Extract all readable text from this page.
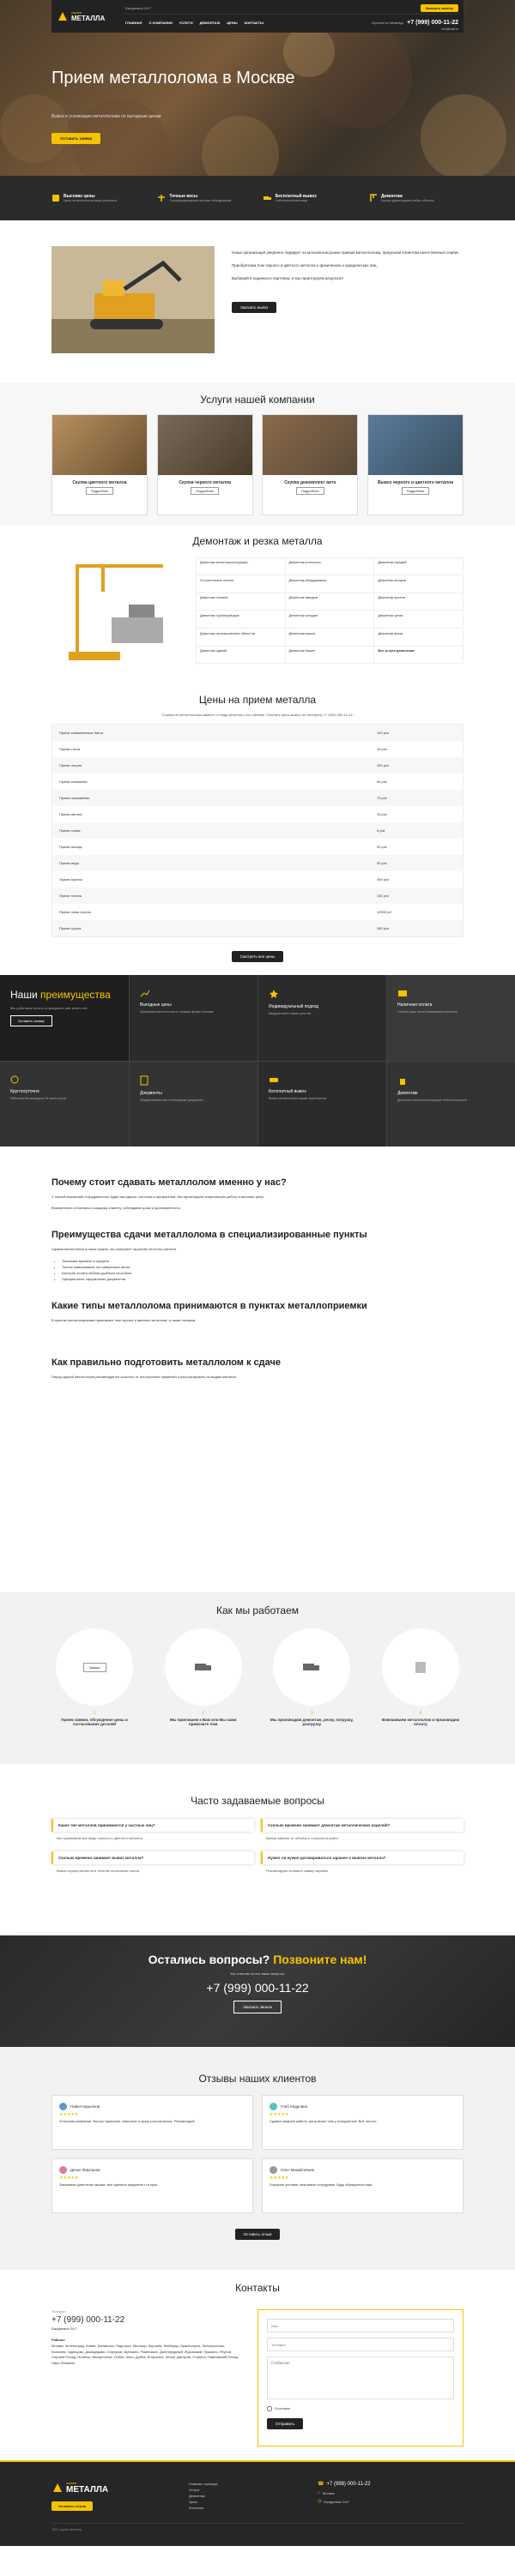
скупка
МЕТАЛЛА
Ежедневно 24/7	Заказать звонок
ГЛАВНАЯ О КОМПАНИИ УСЛУГИ ДЕМОНТАЖ ЦЕНЫ КОНТАКТЫ	Спросите по WhatsApp +7 (999) 000-11-22
info@mail.ru
Прием металлолома в Москве
Вывоз и утилизация металлолома по выгодным ценам
Оставить заявку
Высокие цены
Цены на металлолом выше рыночных
Точные весы
Сертифицированное весовое оборудование
Бесплатный вывоз
Собственный автопарк
Демонтаж
Быстро демонтируем любые объекты

Наша организация уверенно лидирует на московском рынке приема металлолома, предлагая клиентам качественный сервис.

Приобретаем лом черного и цветного металла у физических и юридических лиц.

Выбирайте надежного партнера, и мы гарантируем результат!

Заказать вывоз
Услуги нашей компании
Скупка цветного металла
Подробнее
Скупка черного металла
Подробнее
Скупка декомплект авто
Подробнее
Вывоз черного и цветного металла
Подробнее
Демонтаж и резка металла
Демонтаж металлоконструкций	Демонтаж котельных	Демонтаж гаражей
Отопительных систем	Демонтаж оборудования	Демонтаж ангаров
Демонтаж станков	Демонтаж заводов	Демонтаж мостов
Демонтаж трубопроводов	Демонтаж складов	Демонтаж цехов
Демонтаж промышленных объектов	Демонтаж вышек	Демонтаж ферм
Демонтаж зданий	Демонтаж башен	Все услуги демонтажа
Цены на прием металла

Стоимость металлолома зависит от вида металла и его объема. Уточнить цены можно по телефону +7 (999) 000-11-22.

Прием алюминиевых банок	100 р/кг
Прием стали	15 р/кг
Прием латуни	250 р/кг
Прием алюминия	50 р/кг
Прием нержавейки	75 р/кг
Прием магния	15 р/кг
Прием олова	5 р/кг
Прием свинца	50 р/кг
Прием меди	90 р/кг
Прием бронзы	450 р/кг
Прием титана	130 р/кг
Прием лома латуни	10000 р/т
Прием чугуна	280 р/кг
Смотреть все цены
Наши преимущества

Мы работаем честно и прозрачно уже много лет

Оставить заявку
Круглосуточно
Работаем без выходных 24 часа в сутки
Выгодные цены
Принимаем металлолом по лучшим ценам в Москве
Индивидуальный подход
Каждый клиент важен для нас
Наличная оплата
Оплата сразу после взвешивания металла
Документы
Предоставляем все необходимые документы
Бесплатный вывоз
Вывоз металлолома нашим транспортом
Демонтаж
Демонтаж металлоконструкций любой сложности
Почему стоит сдавать металлолом именно у нас?

С нашей компанией сотрудничество будет выгодным, честным и прозрачным. Мы гарантируем оперативную работу и высокие цены.

Внимательно относимся к каждому клиенту, соблюдаем сроки и договоренности.

Преимущества сдачи металлолома в специализированные пункты

Сдавая металлолом в наши пункты, вы получаете гарантию честного расчета.

• Экономия времени и средств
• Точное взвешивание на поверенных весах
• Быстрая оплата любым удобным способом
• Официальное оформление документов
Какие типы металлолома принимаются в пунктах металлоприемки

В пунктах металлоприемки принимают лом черных и цветных металлов, а также сплавов.

Как правильно подготовить металлолом к сдаче

Перед сдачей металлолом рекомендуется очистить от посторонних примесей и рассортировать по видам металла.

Как мы работаем
Заявка
1
Прием заявки, обсуждение цены и согласование деталей
2
Мы приезжаем к Вам или Вы сами привозите лом
3
Мы производим демонтаж, резку, погрузку, разгрузку
4
Взвешиваем металлолом и производим оплату
Часто задаваемые вопросы
Какие тип металлов принимаются у частных лиц?
Мы принимаем все виды черного и цветного металла.
Сколько времени занимает демонтаж металлических изделий?
Время зависит от объема и сложности работ.
Сколько времени занимает вывоз металла?
Вывоз осуществляется в течение нескольких часов.
Нужно ли нужно договариваться заранее о вывозе металла?
Рекомендуем оставить заявку заранее.
Остались вопросы? Позвоните нам!
Мы ответим на все ваши вопросы
+7 (999) 000-11-22
Заказать звонок
Отзывы наших клиентов
Павел Кирьянов
★★★★★
Отличная компания, быстро приехали, взвесили и сразу рассчитались. Рекомендую!
Глеб Кедровин
★★★★★
Сдавал медный кабель, цена выше чем у конкурентов. Всё честно.
Денис Фирсанов
★★★★★
Заказывал демонтаж гаража, всё сделали аккуратно и в срок.
Олег Михайлечкин
★★★★★
Хорошие условия, вежливые сотрудники. Буду обращаться ещё.
Оставить отзыв
Контакты
Телефон
+7 (999) 000-11-22
Ежедневно 24/7
Районы
Москва, Зеленоград, Химки, Балашиха, Подольск, Мытищи, Королёв, Люберцы, Красногорск, Электросталь, Коломна, Одинцово, Домодедово, Серпухов, Щёлкино, Раменское, Долгопрудный, Жуковский, Пушкино, Реутов, Сергиев Посад, Ногинск, Воскресенск, Лобня, Клин, Дубна, Егорьевск, Чехов, Дмитров, Ступино, Павловский Посад, Наро-Фоминск
Имя Телефон Сообщение
Я согласен
Отправить
скупка
МЕТАЛЛА
Оставить отзыв
Главная страница
Услуги
Демонтаж
Цены
Контакты
☎ +7 (999) 000-11-22
⌂ Москва
◷ Ежедневно 24/7
2021 Скупка металла
